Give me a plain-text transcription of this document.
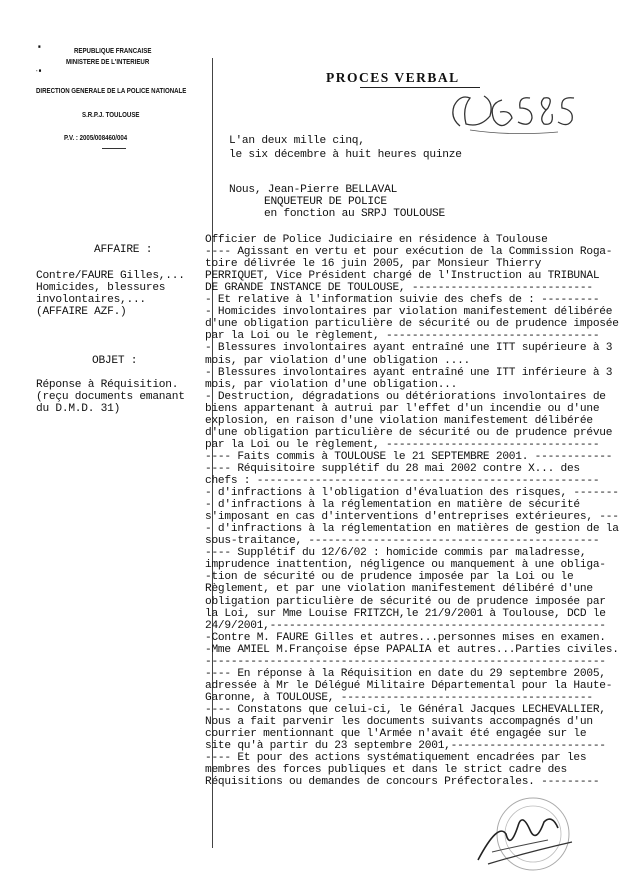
■	REPUBLIQUE FRANCAISE
MINISTERE DE L'INTERIEUR
- ■
DIRECTION GENERALE DE LA POLICE NATIONALE
S.R.P.J. TOULOUSE
P.V. : 2005/008460/004
PROCES VERBAL
DG585
L'an deux mille cinq,
le six décembre à huit heures quinze
Nous, Jean-Pierre BELLAVAL
ENQUETEUR DE POLICE
en fonction au SRPJ TOULOUSE
AFFAIRE :
Contre/FAURE Gilles,...
Homicides, blessures
involontaires,...
(AFFAIRE AZF.)
OBJET :
Réponse à Réquisition.
(reçu documents emanant
du D.M.D. 31)
Officier de Police Judiciaire en résidence à Toulouse
---- Agissant en vertu et pour exécution de la Commission Roga-
toire délivrée le 16 juin 2005, par Monsieur Thierry
PERRIQUET, Vice Président chargé de l'Instruction au TRIBUNAL
DE GRANDE INSTANCE DE TOULOUSE, ----------------------------
- Et relative à l'information suivie des chefs de : ---------
- Homicides involontaires par violation manifestement délibérée
d'une obligation particulière de sécurité ou de prudence imposée
par la Loi ou le règlement, ---------------------------------
- Blessures involontaires ayant entraîné une ITT supérieure à 3
mois, par violation d'une obligation ....
- Blessures involontaires ayant entraîné une ITT inférieure à 3
mois, par violation d'une obligation...
- Destruction, dégradations ou détériorations involontaires de
biens appartenant à autrui par l'effet d'un incendie ou d'une
explosion, en raison d'une violation manifestement délibérée
d'une obligation particulière de sécurité ou de prudence prévue
par la Loi ou le règlement, ---------------------------------
---- Faits commis à TOULOUSE le 21 SEPTEMBRE 2001. ------------
---- Réquisitoire supplétif du 28 mai 2002 contre X... des
chefs : -----------------------------------------------------
- d'infractions à l'obligation d'évaluation des risques, -------
- d'infractions à la réglementation en matière de sécurité
s'imposant en cas d'interventions d'entreprises extérieures, ---
- d'infractions à la réglementation en matières de gestion de la
sous-traitance, ---------------------------------------------
---- Supplétif du 12/6/02 : homicide commis par maladresse,
imprudence inattention, négligence ou manquement à une obliga-
-tion de sécurité ou de prudence imposée par la Loi ou le
Règlement, et par une violation manifestement délibéré d'une
obligation particulière de sécurité ou de prudence imposée par
la Loi, sur Mme Louise FRITZCH,le 21/9/2001 à Toulouse, DCD le
24/9/2001,----------------------------------------------------
-Contre M. FAURE Gilles et autres...personnes mises en examen.
-Mme AMIEL M.Françoise épse PAPALIA et autres...Parties civiles.
--------------------------------------------------------------
---- En réponse à la Réquisition en date du 29 septembre 2005,
adressée à Mr le Délégué Militaire Départemental pour la Haute-
Garonne, à TOULOUSE, ---------------------------------------
---- Constatons que celui-ci, le Général Jacques LECHEVALLIER,
Nous a fait parvenir les documents suivants accompagnés d'un
courrier mentionnant que l'Armée n'avait été engagée sur le
site qu'à partir du 23 septembre 2001,------------------------
---- Et pour des actions systématiquement encadrées par les
membres des forces publiques et dans le strict cadre des
Réquisitions ou demandes de concours Préfectorales. ---------
